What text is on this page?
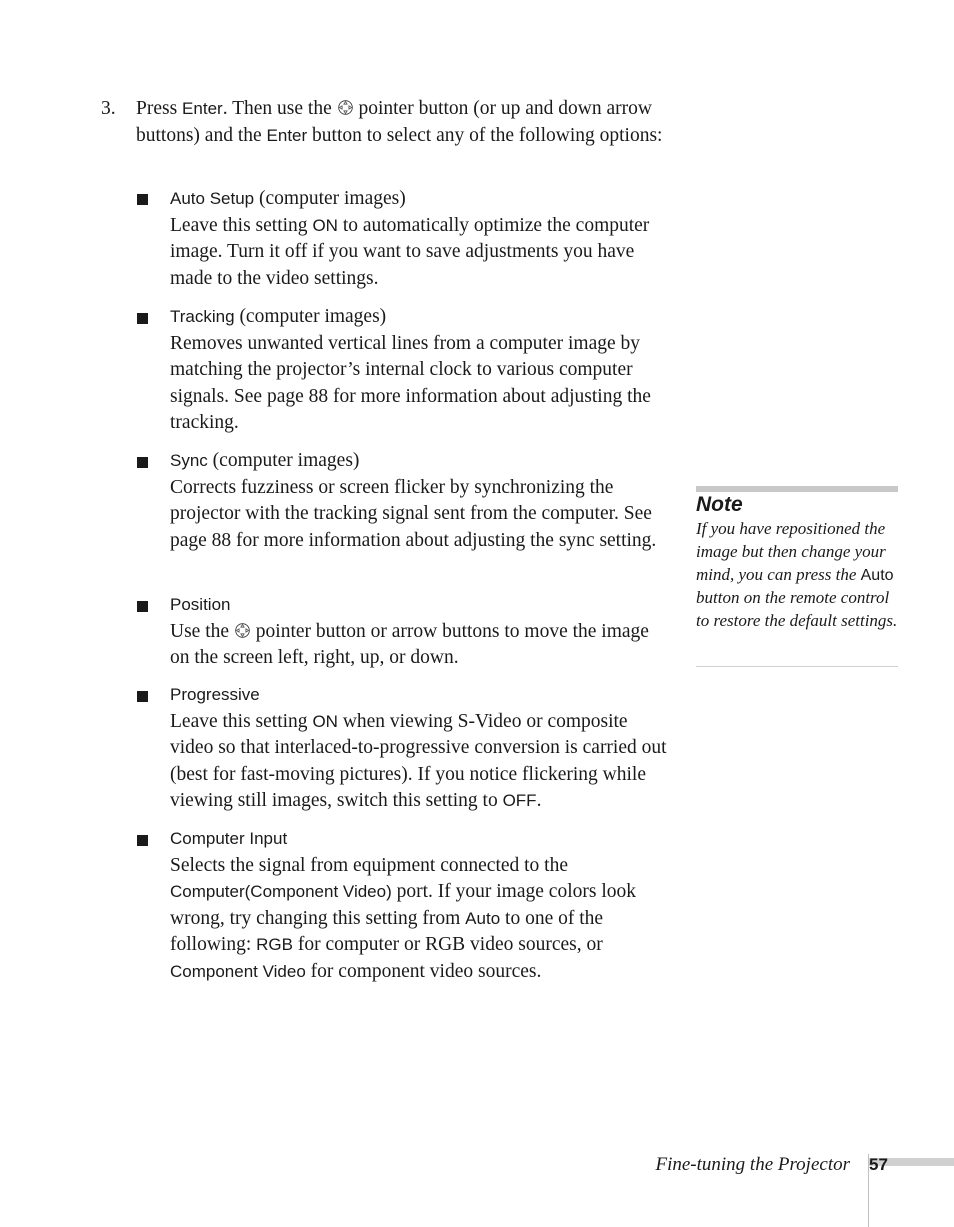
3. Press Enter. Then use the  pointer button (or up and down arrow buttons) and the Enter button to select any of the following options:
Auto Setup (computer images)
Leave this setting ON to automatically optimize the computer image. Turn it off if you want to save adjustments you have made to the video settings.
Tracking (computer images)
Removes unwanted vertical lines from a computer image by matching the projector’s internal clock to various computer signals. See page 88 for more information about adjusting the tracking.
Sync (computer images)
Corrects fuzziness or screen flicker by synchronizing the projector with the tracking signal sent from the computer. See page 88 for more information about adjusting the sync setting.
Position
Use the  pointer button or arrow buttons to move the image on the screen left, right, up, or down.
Progressive
Leave this setting ON when viewing S-Video or composite video so that interlaced-to-progressive conversion is carried out (best for fast-moving pictures). If you notice flickering while viewing still images, switch this setting to OFF.
Computer Input
Selects the signal from equipment connected to the Computer(Component Video) port. If your image colors look wrong, try changing this setting from Auto to one of the following: RGB for computer or RGB video sources, or Component Video for component video sources.
Note
If you have repositioned the image but then change your mind, you can press the Auto button on the remote control to restore the default settings.
Fine-tuning the Projector 57
